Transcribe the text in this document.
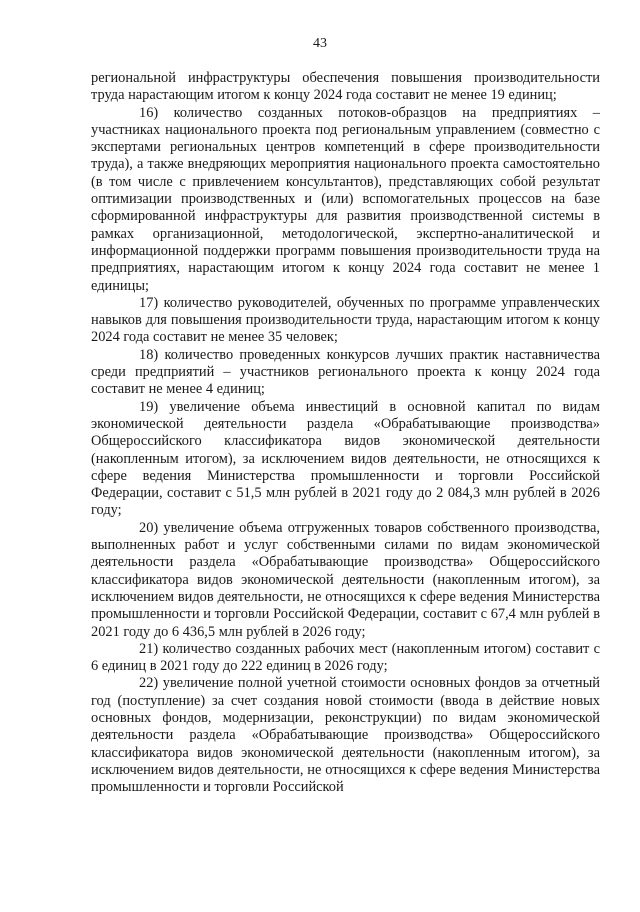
43

региональной инфраструктуры обеспечения повышения производительности труда нарастающим итогом к концу 2024 года составит не менее 19 единиц;

16) количество созданных потоков-образцов на предприятиях – участниках национального проекта под региональным управлением (совместно с экспертами региональных центров компетенций в сфере производительности труда), а также внедряющих мероприятия национального проекта самостоятельно (в том числе с привлечением консультантов), представляющих собой результат оптимизации производственных и (или) вспомогательных процессов на базе сформированной инфраструктуры для развития производственной системы в рамках организационной, методологической, экспертно-аналитической и информационной поддержки программ повышения производительности труда на предприятиях, нарастающим итогом к концу 2024 года составит не менее 1 единицы;

17) количество руководителей, обученных по программе управленческих навыков для повышения производительности труда, нарастающим итогом к концу 2024 года составит не менее 35 человек;

18) количество проведенных конкурсов лучших практик наставничества среди предприятий – участников регионального проекта к концу 2024 года составит не менее 4 единиц;

19) увеличение объема инвестиций в основной капитал по видам экономической деятельности раздела «Обрабатывающие производства» Общероссийского классификатора видов экономической деятельности (накопленным итогом), за исключением видов деятельности, не относящихся к сфере ведения Министерства промышленности и торговли Российской Федерации, составит с 51,5 млн рублей в 2021 году до 2 084,3 млн рублей в 2026 году;

20) увеличение объема отгруженных товаров собственного производства, выполненных работ и услуг собственными силами по видам экономической деятельности раздела «Обрабатывающие производства» Общероссийского классификатора видов экономической деятельности (накопленным итогом), за исключением видов деятельности, не относящихся к сфере ведения Министерства промышленности и торговли Российской Федерации, составит с 67,4 млн рублей в 2021 году до 6 436,5 млн рублей в 2026 году;

21) количество созданных рабочих мест (накопленным итогом) составит с 6 единиц в 2021 году до 222 единиц в 2026 году;

22) увеличение полной учетной стоимости основных фондов за отчетный год (поступление) за счет создания новой стоимости (ввода в действие новых основных фондов, модернизации, реконструкции) по видам экономической деятельности раздела «Обрабатывающие производства» Общероссийского классификатора видов экономической деятельности (накопленным итогом), за исключением видов деятельности, не относящихся к сфере ведения Министерства промышленности и торговли Российской
